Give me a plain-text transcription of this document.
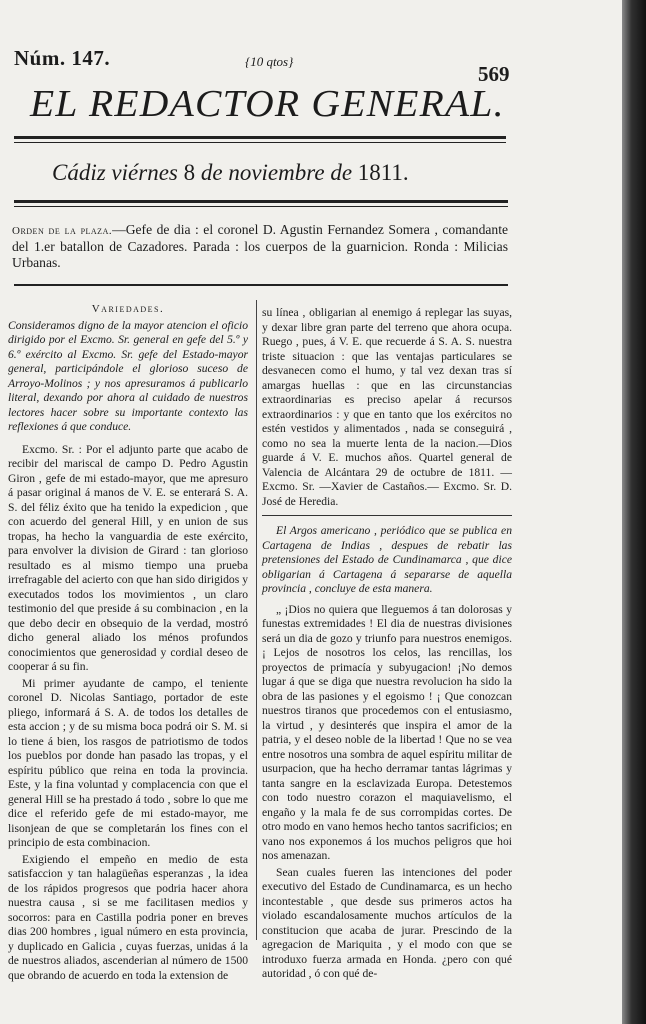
Núm. 147.	{10 qtos}
569
EL REDACTOR GENERAL.
Cádiz viérnes 8 de noviembre de 1811.
Orden de la plaza.—Gefe de dia : el coronel D. Agustin Fernandez Somera , comandante del 1.er batallon de Cazadores. Parada : los cuerpos de la guarnicion. Ronda : Milicias Urbanas.

Variedades.

Consideramos digno de la mayor atencion el oficio dirigido por el Excmo. Sr. general en gefe del 5.º y 6.º exército al Excmo. Sr. gefe del Estado-mayor general, participándole el glorioso suceso de Arroyo-Molinos ; y nos apresuramos á publicarlo literal, dexando por ahora al cuidado de nuestros lectores hacer sobre su importante contexto las reflexiones á que conduce.

Excmo. Sr. : Por el adjunto parte que acabo de recibir del mariscal de campo D. Pedro Agustin Giron , gefe de mi estado-mayor, que me apresuro á pasar original á manos de V. E. se enterará S. A. S. del féliz éxito que ha tenido la expedicion , que con acuerdo del general Hill, y en union de sus tropas, ha hecho la vanguardia de este exército, para envolver la division de Girard : tan glorioso resultado es al mismo tiempo una prueba irrefragable del acierto con que han sido dirigidos y executados todos los movimientos , un claro testimonio del que preside á su combinacion , en la que debo decir en obsequio de la verdad, mostró dicho general aliado los ménos profundos conocimientos que generosidad y cordial deseo de cooperar á su fin.

Mi primer ayudante de campo, el teniente coronel D. Nicolas Santiago, portador de este pliego, informará á S. A. de todos los detalles de esta accion ; y de su misma boca podrá oir S. M. si lo tiene á bien, los rasgos de patriotismo de todos los pueblos por donde han pasado las tropas, y el espíritu público que reina en toda la provincia. Este, y la fina voluntad y complacencia con que el general Hill se ha prestado á todo , sobre lo que me dice el referido gefe de mi estado-mayor, me lisonjean de que se completarán los fines con el principio de esta combinacion.

Exigiendo el empeño en medio de esta satisfaccion y tan halagüeñas esperanzas , la idea de los rápidos progresos que podria hacer ahora nuestra causa , si se me facilitasen medios y socorros: para en Castilla podria poner en breves dias 200 hombres , igual número en esta provincia, y duplicado en Galicia , cuyas fuerzas, unidas á la de nuestros aliados, ascenderian al número de 1500 que obrando de acuerdo en toda la extension de

su línea , obligarian al enemigo á replegar las suyas, y dexar libre gran parte del terreno que ahora ocupa. Ruego , pues, á V. E. que recuerde á S. A. S. nuestra triste situacion : que las ventajas particulares se desvanecen como el humo, y tal vez dexan tras sí amargas huellas : que en las circunstancias extraordinarias es preciso apelar á recursos extraordinarios : y que en tanto que los exércitos no estén vestidos y alimentados , nada se conseguirá , como no sea la muerte lenta de la nacion.—Dios guarde á V. E. muchos años. Quartel general de Valencia de Alcántara 29 de octubre de 1811. — Excmo. Sr. —Xavier de Castaños.— Excmo. Sr. D. José de Heredia.

El Argos americano , periódico que se publica en Cartagena de Indias , despues de rebatir las pretensiones del Estado de Cundinamarca , que dice obligarian á Cartagena á separarse de aquella provincia , concluye de esta manera.

„ ¡Dios no quiera que lleguemos á tan dolorosas y funestas extremidades ! El dia de nuestras divisiones será un dia de gozo y triunfo para nuestros enemigos. ¡ Lejos de nosotros los celos, las rencillas, los proyectos de primacía y subyugacion! ¡No demos lugar á que se diga que nuestra revolucion ha sido la obra de las pasiones y el egoismo ! ¡ Que conozcan nuestros tiranos que procedemos con el entusiasmo, la virtud , y desinterés que inspira el amor de la patria, y el deseo noble de la libertad ! Que no se vea entre nosotros una sombra de aquel espíritu militar de usurpacion, que ha hecho derramar tantas lágrimas y tanta sangre en la esclavizada Europa. Detestemos con todo nuestro corazon el maquiavelismo, el engaño y la mala fe de sus corrompidas cortes. De otro modo en vano hemos hecho tantos sacrificios; en vano nos exponemos á los muchos peligros que hoi nos amenazan.

Sean cuales fueren las intenciones del poder executivo del Estado de Cundinamarca, es un hecho incontestable , que desde sus primeros actos ha violado escandalosamente muchos artículos de la constitucion que acaba de jurar. Prescindo de la agregacion de Mariquita , y el modo con que se introduxo fuerza armada en Honda. ¿pero con qué autoridad , ó con qué de-
